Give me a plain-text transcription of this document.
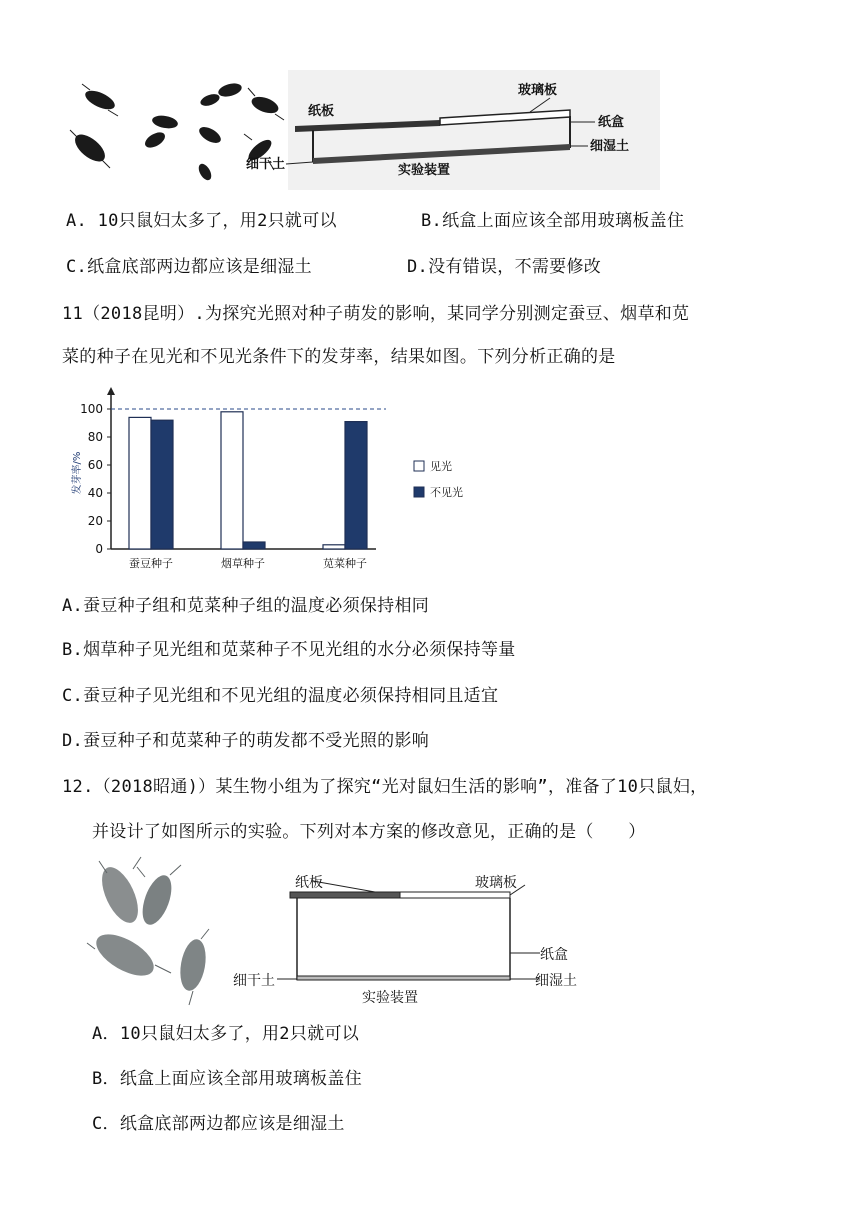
纸板
玻璃板
纸盒
细湿土
细干土	实验装置
A. 10只鼠妇太多了，用2只就可以	B.纸盒上面应该全部用玻璃板盖住
C.纸盒底部两边都应该是细湿土	D.没有错误，不需要修改
11（2018昆明）.为探究光照对种子萌发的影响，某同学分别测定蚕豆、烟草和苋
菜的种子在见光和不见光条件下的发芽率，结果如图。下列分析正确的是
0
20
40
60
80
100
发芽率/%
蚕豆种子	烟草种子	苋菜种子
见光
不见光
A.蚕豆种子组和苋菜种子组的温度必须保持相同
B.烟草种子见光组和苋菜种子不见光组的水分必须保持等量
C.蚕豆种子见光组和不见光组的温度必须保持相同且适宜
D.蚕豆种子和苋菜种子的萌发都不受光照的影响
12.（2018昭通)）某生物小组为了探究“光对鼠妇生活的影响”，准备了10只鼠妇，
并设计了如图所示的实验。下列对本方案的修改意见，正确的是（　　）
纸板	玻璃板
纸盒
细湿土
细干土
实验装置
A．10只鼠妇太多了，用2只就可以
B．纸盒上面应该全部用玻璃板盖住
C．纸盒底部两边都应该是细湿土
